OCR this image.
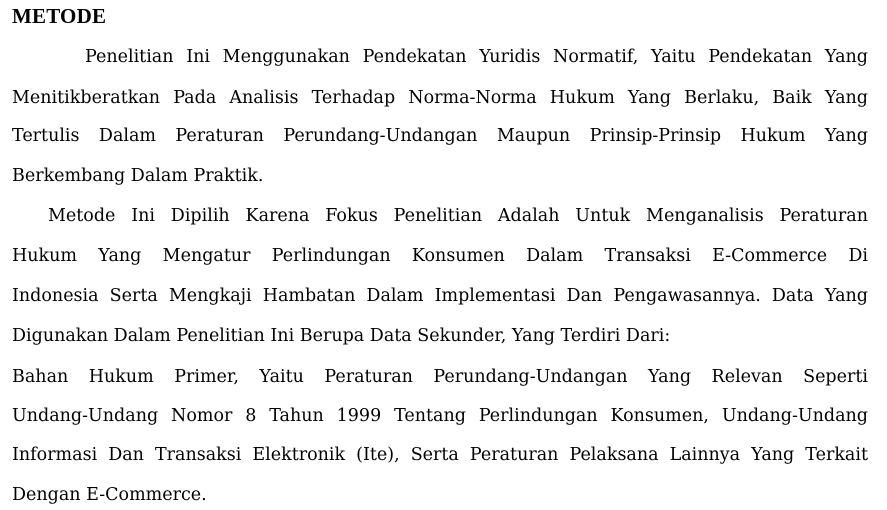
METODE
Penelitian Ini Menggunakan Pendekatan Yuridis Normatif, Yaitu Pendekatan Yang
Menitikberatkan Pada Analisis Terhadap Norma-Norma Hukum Yang Berlaku, Baik Yang
Tertulis Dalam Peraturan Perundang-Undangan Maupun Prinsip-Prinsip Hukum Yang
Berkembang Dalam Praktik.
Metode Ini Dipilih Karena Fokus Penelitian Adalah Untuk Menganalisis Peraturan
Hukum Yang Mengatur Perlindungan Konsumen Dalam Transaksi E-Commerce Di
Indonesia Serta Mengkaji Hambatan Dalam Implementasi Dan Pengawasannya. Data Yang
Digunakan Dalam Penelitian Ini Berupa Data Sekunder, Yang Terdiri Dari:
Bahan Hukum Primer, Yaitu Peraturan Perundang-Undangan Yang Relevan Seperti
Undang-Undang Nomor 8 Tahun 1999 Tentang Perlindungan Konsumen, Undang-Undang
Informasi Dan Transaksi Elektronik (Ite), Serta Peraturan Pelaksana Lainnya Yang Terkait
Dengan E-Commerce.
